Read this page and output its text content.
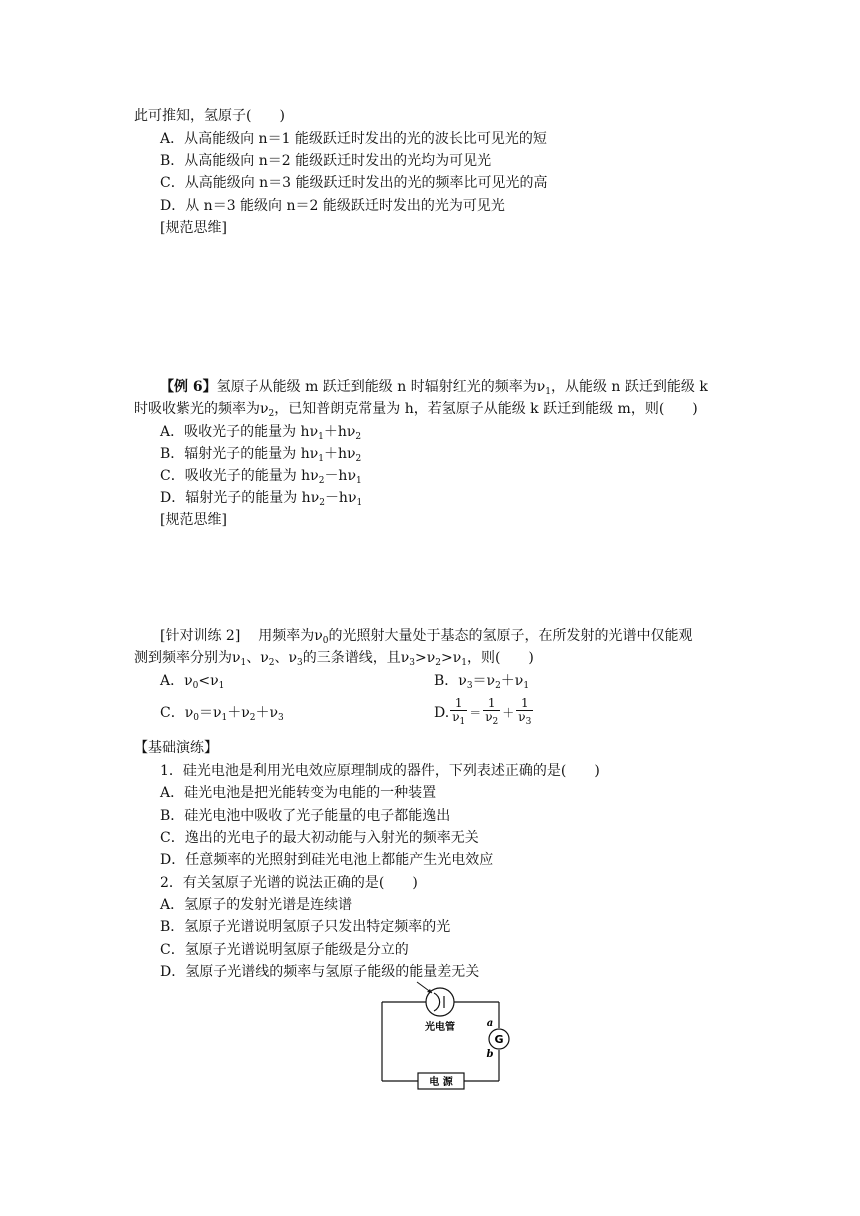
此可推知，氢原子(　　)
A．从高能级向 n＝1 能级跃迁时发出的光的波长比可见光的短
B．从高能级向 n＝2 能级跃迁时发出的光均为可见光
C．从高能级向 n＝3 能级跃迁时发出的光的频率比可见光的高
D．从 n＝3 能级向 n＝2 能级跃迁时发出的光为可见光
[规范思维]
【例 6】氢原子从能级 m 跃迁到能级 n 时辐射红光的频率为$\nu_1$，从能级 n 跃迁到能级 k
时吸收紫光的频率为$\nu_2$，已知普朗克常量为 h，若氢原子从能级 k 跃迁到能级 m，则(　　)
A．吸收光子的能量为 $h\nu_1+h\nu_2$
B．辐射光子的能量为 $h\nu_1+h\nu_2$
C．吸收光子的能量为 $h\nu_2-h\nu_1$
D．辐射光子的能量为 $h\nu_2-h\nu_1$
[规范思维]
[针对训练 2] 用频率为$\nu_0$的光照射大量处于基态的氢原子，在所发射的光谱中仅能观
测到频率分别为$\nu_1$、$\nu_2$、$\nu_3$的三条谱线，且$\nu_3>\nu_2>\nu_1$，则(　　)
A．$\nu_0<\nu_1$	B．$\nu_3=\nu_2+\nu_1$
C．$\nu_0=\nu_1+\nu_2+\nu_3$	D. $\frac{1}{\nu_1} = \frac{1}{\nu_2} + \frac{1}{\nu_3}$
【基础演练】
1．硅光电池是利用光电效应原理制成的器件，下列表述正确的是(　　)
A．硅光电池是把光能转变为电能的一种装置
B．硅光电池中吸收了光子能量的电子都能逸出
C．逸出的光电子的最大初动能与入射光的频率无关
D．任意频率的光照射到硅光电池上都能产生光电效应
2．有关氢原子光谱的说法正确的是(　　)
A．氢原子的发射光谱是连续谱
B．氢原子光谱说明氢原子只发出特定频率的光
C．氢原子光谱说明氢原子能级是分立的
D．氢原子光谱线的频率与氢原子能级的能量差无关
光电管
G
a
b
电 源
